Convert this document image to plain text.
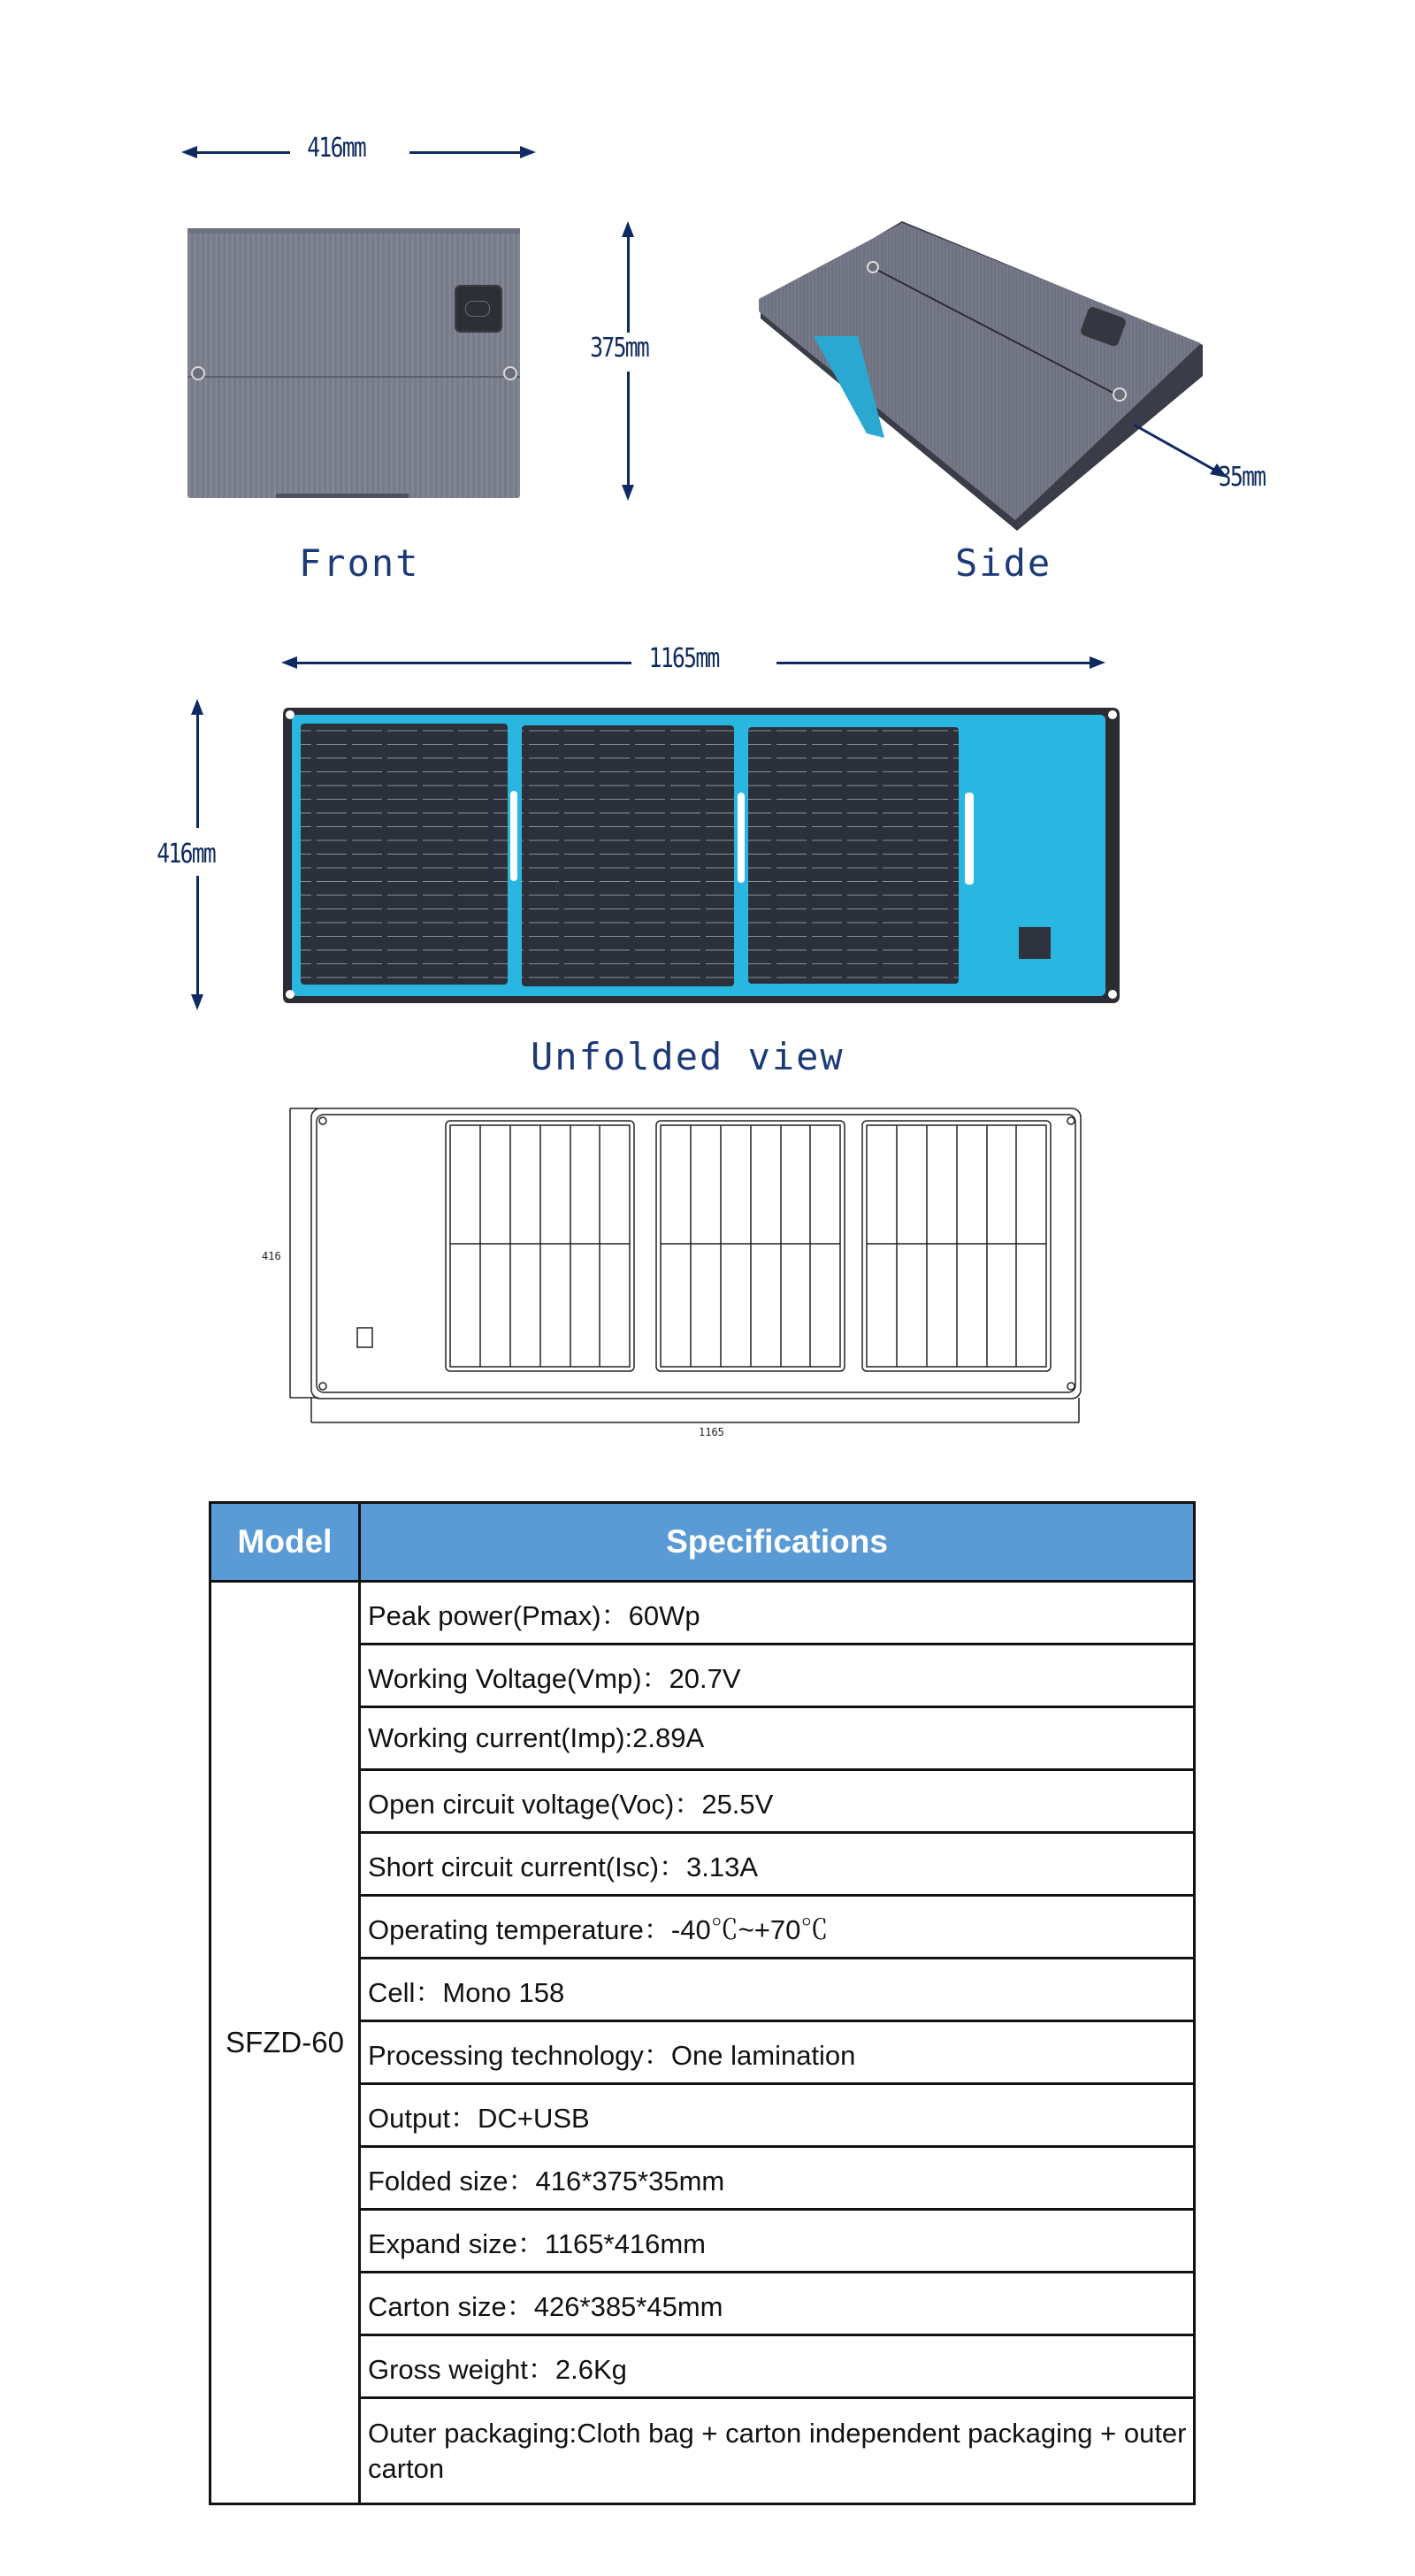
416mm
375mm
Front
35mm
Side
1165mm
416mm
Unfolded view
416
1165
Model	Specifications
SFZD-60	Peak power(Pmax)：60Wp
	Working Voltage(Vmp)：20.7V
	Working current(Imp):2.89A
	Open circuit voltage(Voc)：25.5V
	Short circuit current(Isc)：3.13A
	Operating temperature：-40℃~+70℃
	Cell：Mono 158
	Processing technology：One lamination
	Output：DC+USB
	Folded size：416*375*35mm
	Expand size：1165*416mm
	Carton size：426*385*45mm
	Gross weight：2.6Kg
	Outer packaging:Cloth bag + carton independent packaging + outer carton
